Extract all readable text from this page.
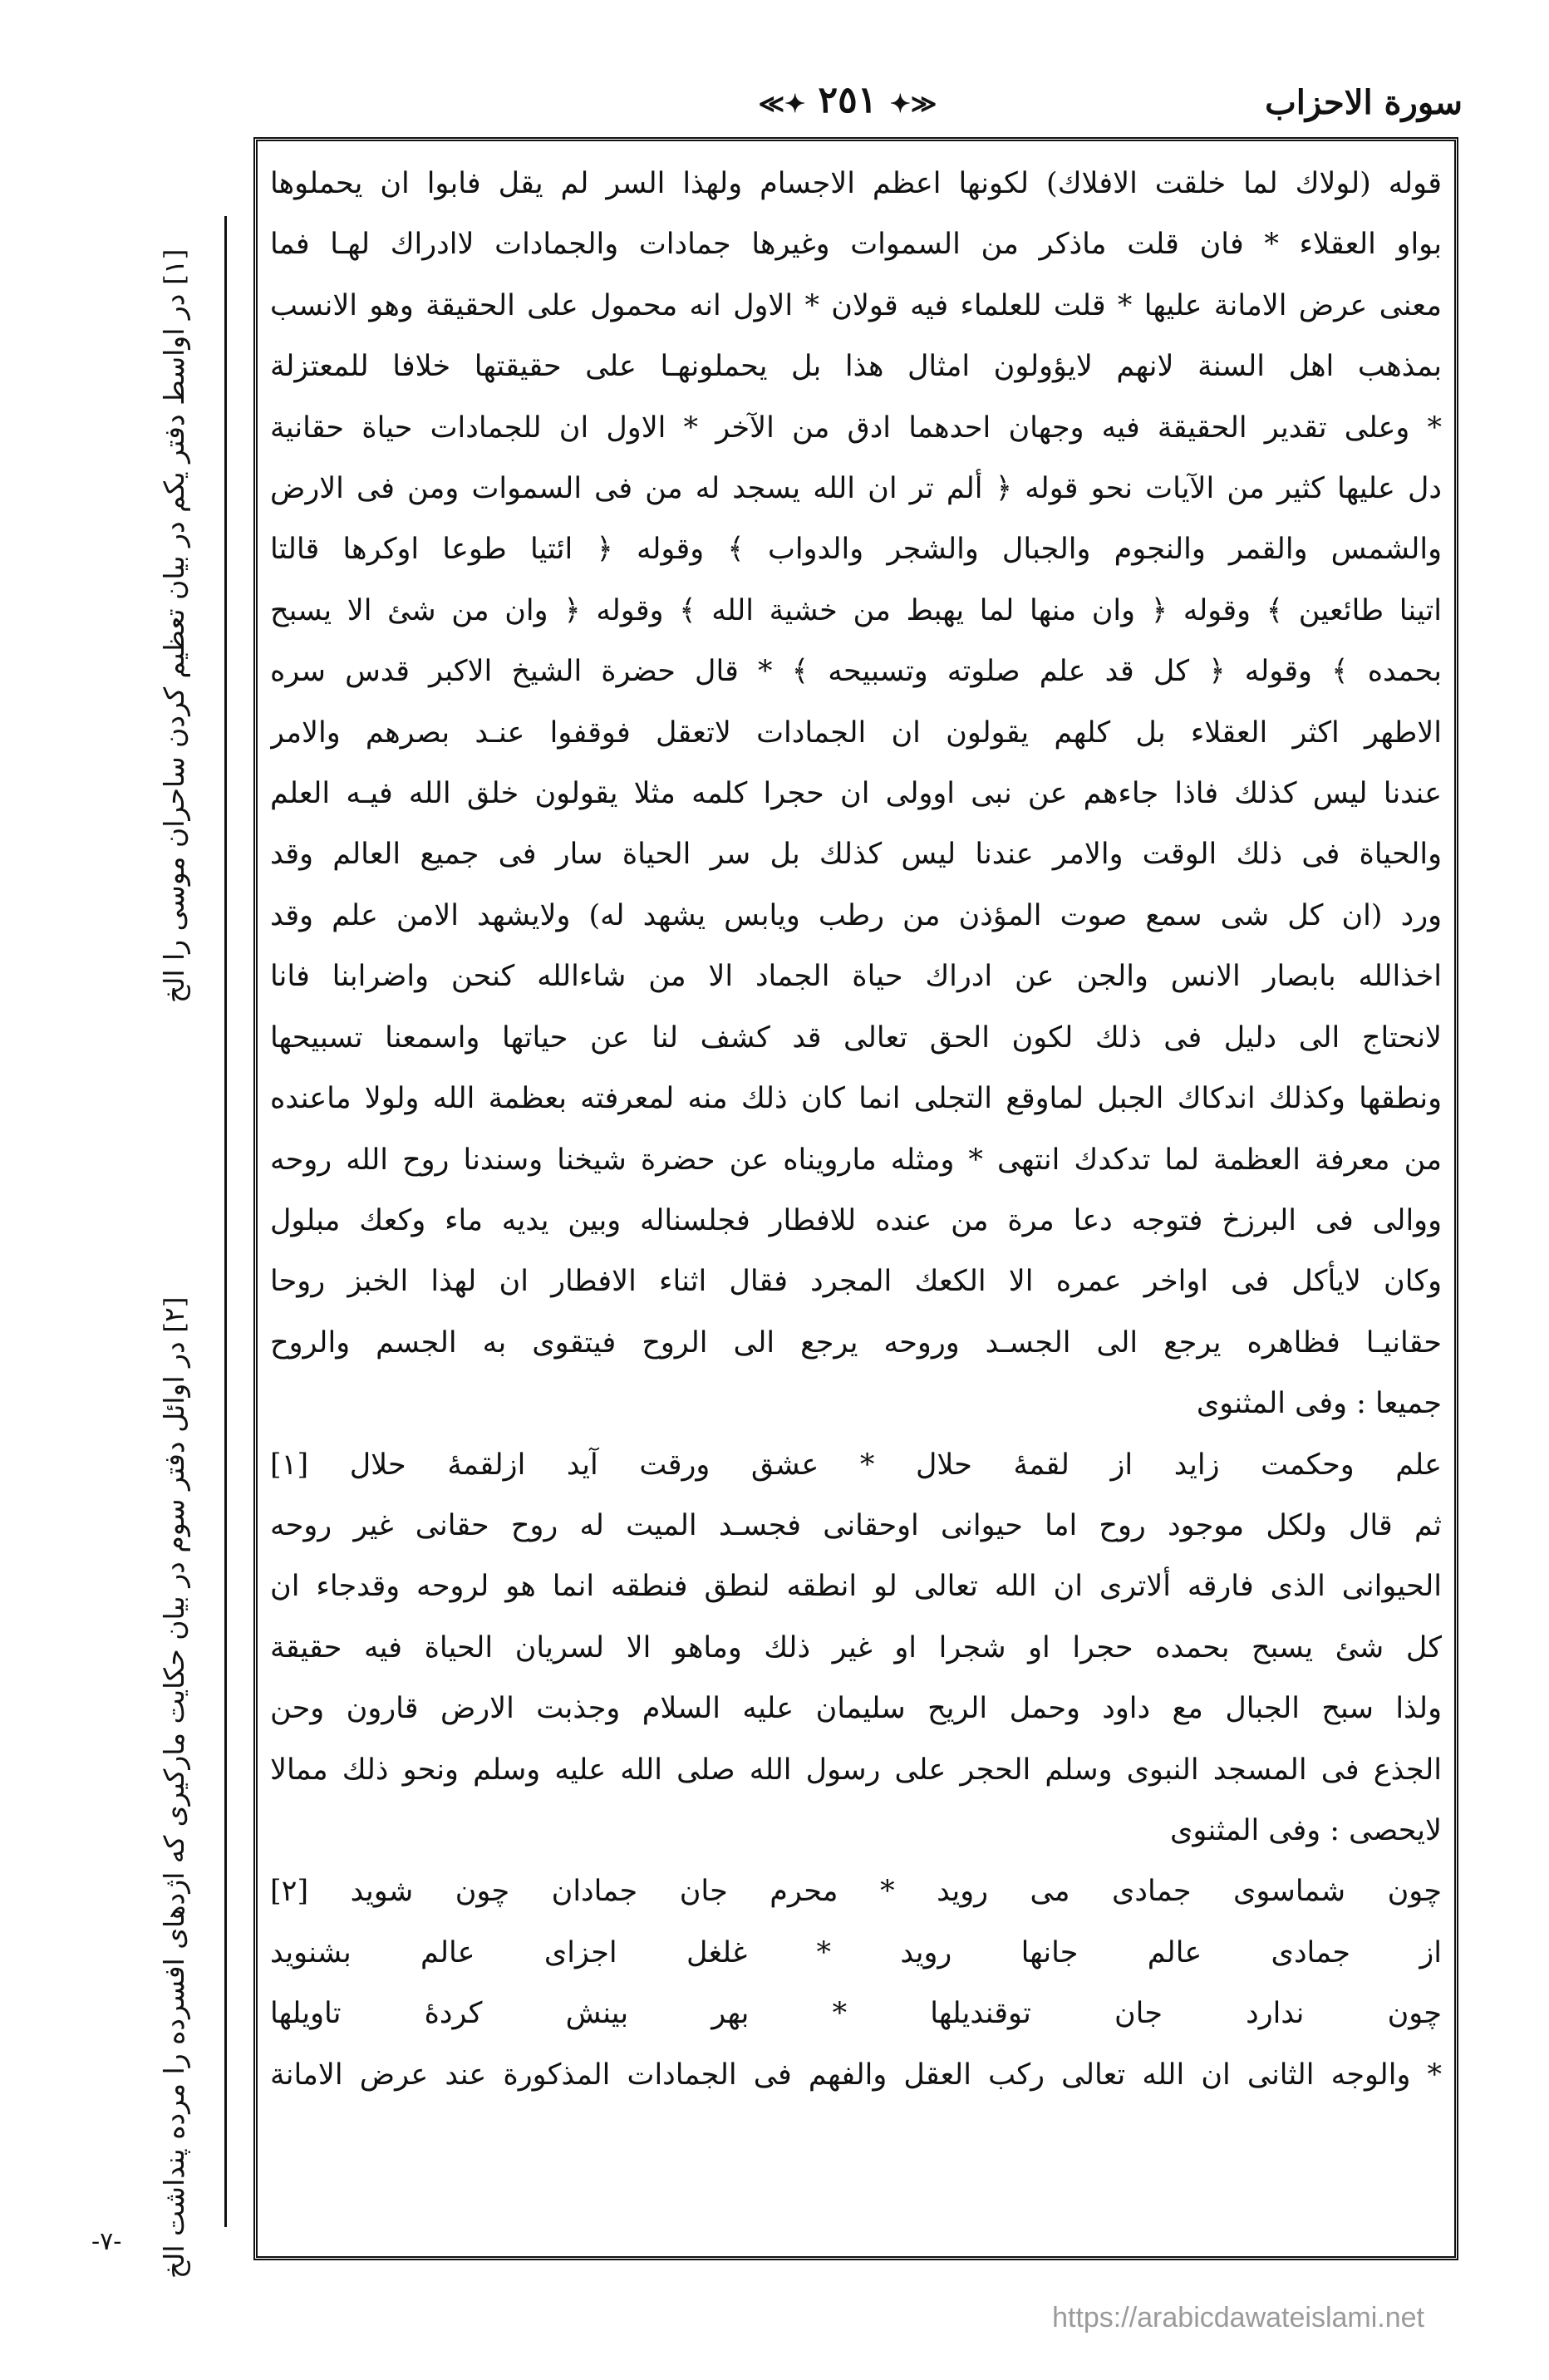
سورة الاحزاب
≪✦ ٢٥١ ✦≫

قوله (لولاك لما خلقت الافلاك) لكونها اعظم الاجسام ولهذا السر لم يقل فابوا ان يحملوها

بواو العقلاء * فان قلت ماذكر من السموات وغيرها جمادات والجمادات لاادراك لهـا فما

معنى عرض الامانة عليها * قلت للعلماء فيه قولان * الاول انه محمول على الحقيقة وهو الانسب

بمذهب اهل السنة لانهم لايؤولون امثال هذا بل يحملونهـا على حقيقتها خلافا للمعتزلة

* وعلى تقدير الحقيقة فيه وجهان احدهما ادق من الآخر * الاول ان للجمادات حياة حقانية

دل عليها كثير من الآيات نحو قوله ﴿ ألم تر ان الله يسجد له من فى السموات ومن فى الارض

والشمس والقمر والنجوم والجبال والشجر والدواب ﴾ وقوله ﴿ ائتيا طوعا اوكرها قالتا

اتينا طائعين ﴾ وقوله ﴿ وان منها لما يهبط من خشية الله ﴾ وقوله ﴿ وان من شئ الا يسبح

بحمده ﴾ وقوله ﴿ كل قد علم صلوته وتسبيحه ﴾ * قال حضرة الشيخ الاكبر قدس سره

الاطهر اكثر العقلاء بل كلهم يقولون ان الجمادات لاتعقل فوقفوا عنـد بصرهم والامر

عندنا ليس كذلك فاذا جاءهم عن نبى اوولى ان حجرا كلمه مثلا يقولون خلق الله فيـه العلم

والحياة فى ذلك الوقت والامر عندنا ليس كذلك بل سر الحياة سار فى جميع العالم وقد

ورد (ان كل شى سمع صوت المؤذن من رطب ويابس يشهد له) ولايشهد الامن علم وقد

اخذالله بابصار الانس والجن عن ادراك حياة الجماد الا من شاءالله كنحن واضرابنا فانا

لانحتاج الى دليل فى ذلك لكون الحق تعالى قد كشف لنا عن حياتها واسمعنا تسبيحها

ونطقها وكذلك اندكاك الجبل لماوقع التجلى انما كان ذلك منه لمعرفته بعظمة الله ولولا ماعنده

من معرفة العظمة لما تدكدك انتهى * ومثله مارويناه عن حضرة شيخنا وسندنا روح الله روحه

ووالى فى البرزخ فتوجه دعا مرة من عنده للافطار فجلسناله وبين يديه ماء وكعك مبلول

وكان لايأكل فى اواخر عمره الا الكعك المجرد فقال اثناء الافطار ان لهذا الخبز روحا

حقانيـا فظاهره يرجع الى الجسـد وروحه يرجع الى الروح فيتقوى به الجسم والروح

جميعا : وفى المثنوى

علم وحكمت زايد از لقمهٔ حلال * عشق ورقت آيد ازلقمهٔ حلال [١]

ثم قال ولكل موجود روح اما حيوانى اوحقانى فجسـد الميت له روح حقانى غير روحه

الحيوانى الذى فارقه ألاترى ان الله تعالى لو انطقه لنطق فنطقه انما هو لروحه وقدجاء ان

كل شئ يسبح بحمده حجرا او شجرا او غير ذلك وماهو الا لسريان الحياة فيه حقيقة

ولذا سبح الجبال مع داود وحمل الريح سليمان عليه السلام وجذبت الارض قارون وحن

الجذع فى المسجد النبوى وسلم الحجر على رسول الله صلى الله عليه وسلم ونحو ذلك ممالا

لايحصى : وفى المثنوى

چون شماسوى جمادى مى رويد * محرم جان جمادان چون شويد [٢]

از جمادى عالم جانها رويد * غلغل اجزاى عالم بشنويد

چون ندارد جان توقنديلها * بهر بينش كردهٔ تاويلها

* والوجه الثانى ان الله تعالى ركب العقل والفهم فى الجمادات المذكورة عند عرض الامانة

[١] در اواسط دفتر يكم در بيان تعظيم كردن ساحران موسى را الخ
[٢] در اوائل دفتر سوم در بيان حكايت ماركيرى كه اژدهاى افسرده را مرده پنداشت الخ
-٧-
https://arabicdawateislami.net
